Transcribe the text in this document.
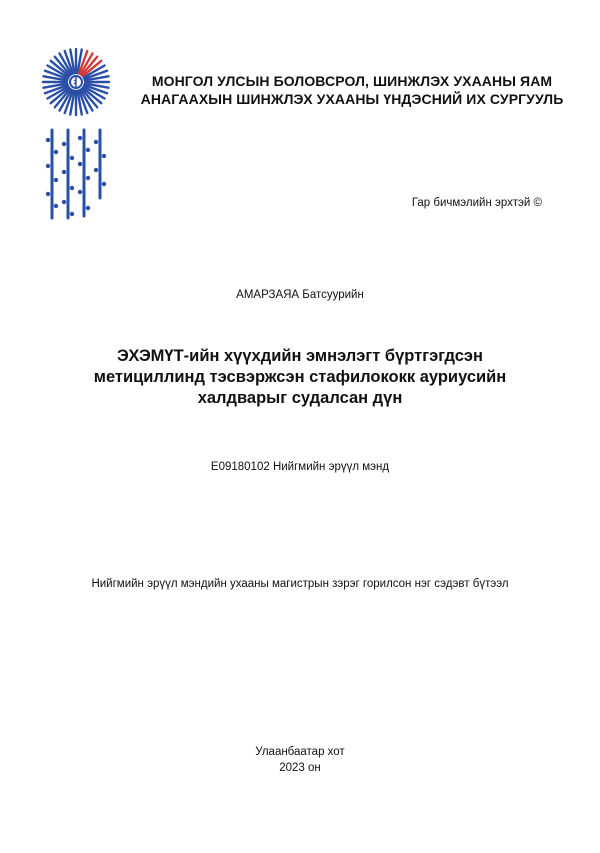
МОНГОЛ УЛСЫН БОЛОВСРОЛ, ШИНЖЛЭХ УХААНЫ ЯАМ
АНАГААХЫН ШИНЖЛЭХ УХААНЫ ҮНДЭСНИЙ ИХ СУРГУУЛЬ
Гар бичмэлийн эрхтэй ©
АМАРЗАЯА Батсуурийн
ЭХЭМҮТ-ийн хүүхдийн эмнэлэгт бүртгэгдсэн
метициллинд тэсвэржсэн стафилококк ауриусийн
халдварыг судалсан дүн
E09180102 Нийгмийн эрүүл мэнд
Нийгмийн эрүүл мэндийн ухааны магистрын зэрэг горилсон нэг сэдэвт бүтээл
Улаанбаатар хот
2023 он
